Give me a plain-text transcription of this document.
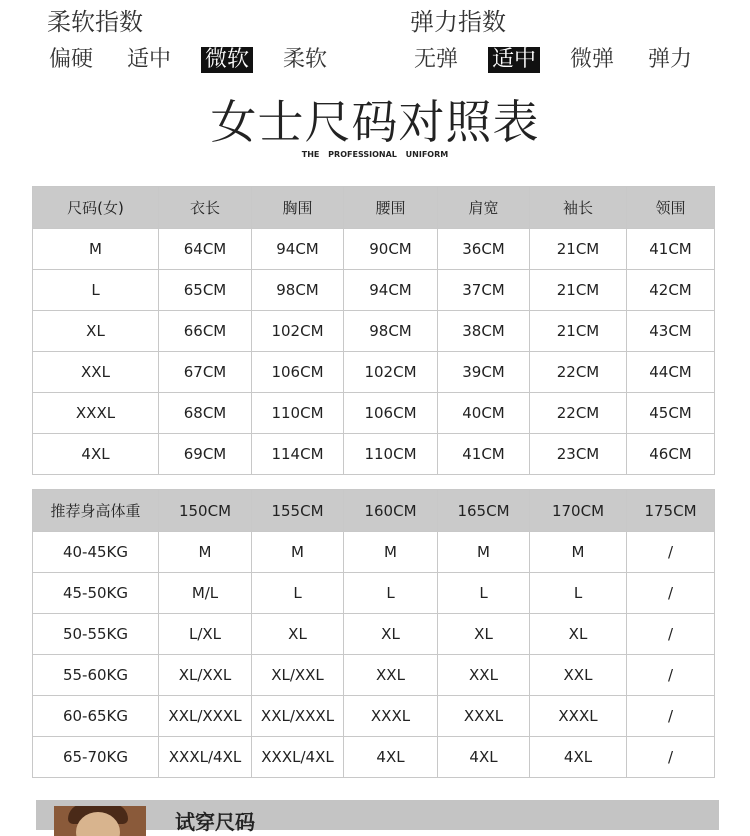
柔软指数	弹力指数
偏硬 适中 微软 柔软	无弹 适中 微弹 弹力
女士尺码对照表
THE PROFESSIONAL UNIFORM
尺码(女)	衣长	胸围	腰围	肩宽	袖长	领围
M	64CM	94CM	90CM	36CM	21CM	41CM
L	65CM	98CM	94CM	37CM	21CM	42CM
XL	66CM	102CM	98CM	38CM	21CM	43CM
XXL	67CM	106CM	102CM	39CM	22CM	44CM
XXXL	68CM	110CM	106CM	40CM	22CM	45CM
4XL	69CM	114CM	110CM	41CM	23CM	46CM
推荐身高体重	150CM	155CM	160CM	165CM	170CM	175CM
40-45KG	M	M	M	M	M	/
45-50KG	M/L	L	L	L	L	/
50-55KG	L/XL	XL	XL	XL	XL	/
55-60KG	XL/XXL	XL/XXL	XXL	XXL	XXL	/
60-65KG	XXL/XXXL	XXL/XXXL	XXXL	XXXL	XXXL	/
65-70KG	XXXL/4XL	XXXL/4XL	4XL	4XL	4XL	/
试穿尺码
